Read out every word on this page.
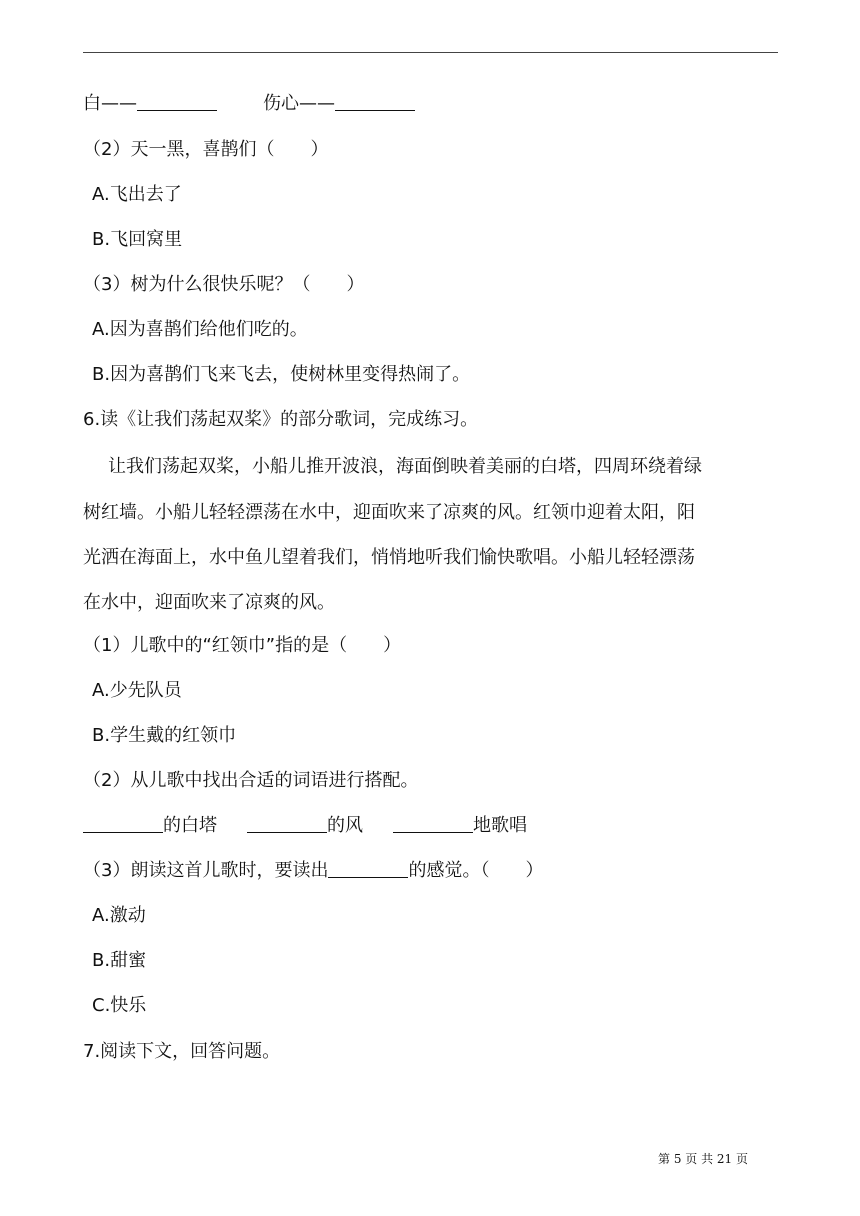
白——	伤心——
（2）天一黑，喜鹊们（　　）
A.飞出去了
B.飞回窝里
（3）树为什么很快乐呢？（　　）
A.因为喜鹊们给他们吃的。
B.因为喜鹊们飞来飞去，使树林里变得热闹了。
6.读《让我们荡起双桨》的部分歌词，完成练习。
让我们荡起双桨，小船儿推开波浪，海面倒映着美丽的白塔，四周环绕着绿
树红墙。小船儿轻轻漂荡在水中，迎面吹来了凉爽的风。红领巾迎着太阳，阳
光洒在海面上，水中鱼儿望着我们，悄悄地听我们愉快歌唱。小船儿轻轻漂荡
在水中，迎面吹来了凉爽的风。
（1）儿歌中的“红领巾”指的是（　　）
A.少先队员
B.学生戴的红领巾
（2）从儿歌中找出合适的词语进行搭配。
的白塔	的风	地歌唱
（3）朗读这首儿歌时，要读出	的感觉。（　　）
A.激动
B.甜蜜
C.快乐
7.阅读下文，回答问题。
第 5 页 共 21 页
